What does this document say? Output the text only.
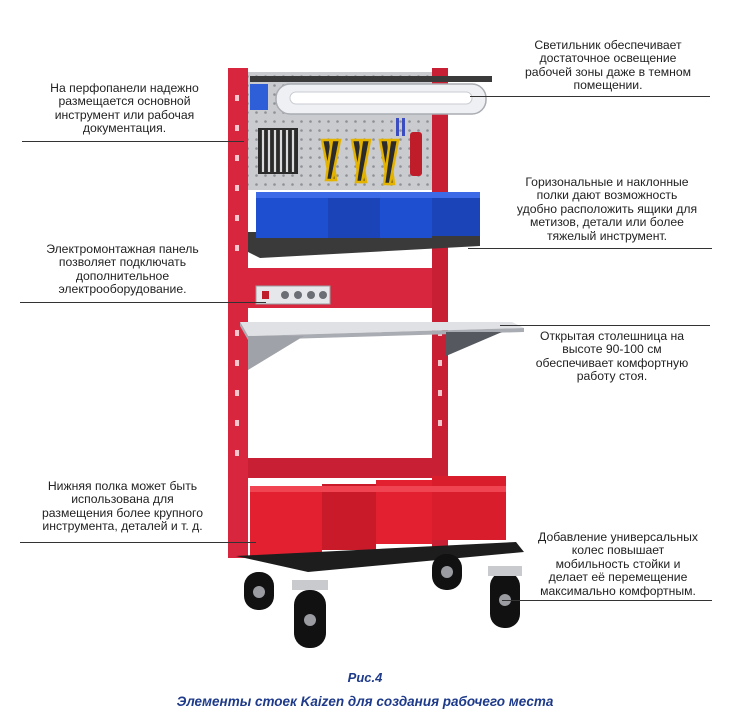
На перфопанели надежно
размещается основной
инструмент или рабочая
документация.
Светильник обеспечивает
достаточное освещение
рабочей зоны даже в темном
помещении.
Горизональные и наклонные
полки дают возможность
удобно расположить ящики для
метизов, детали или более
тяжелый инструмент.
Электромонтажная панель
позволяет подключать
дополнительное
электрооборудование.
Открытая столешница на
высоте 90-100 см
обеспечивает комфортную
работу стоя.
Нижняя полка может быть
использована для
размещения более крупного
инструмента, деталей и т. д.
Добавление универсальных
колес повышает
мобильность стойки и
делает её перемещение
максимально комфортным.
Рис.4
Элементы стоек Kaizen для создания рабочего места
